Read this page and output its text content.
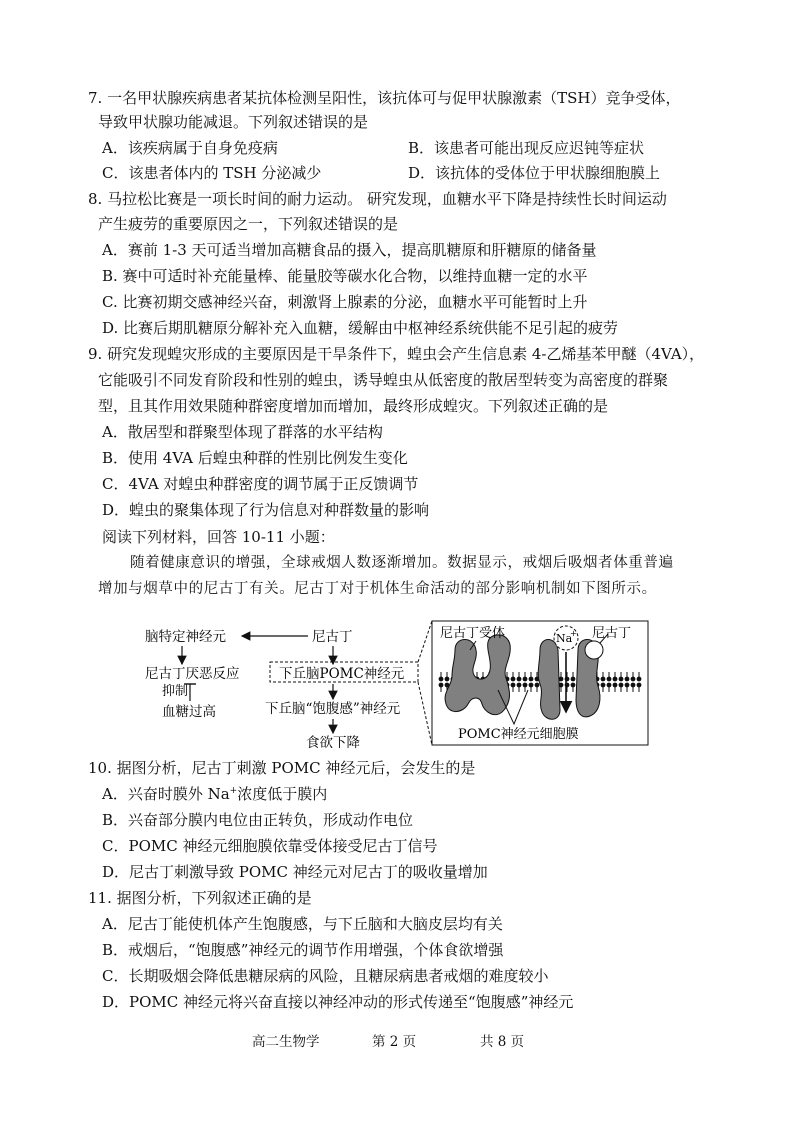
7. 一名甲状腺疾病患者某抗体检测呈阳性，该抗体可与促甲状腺激素（TSH）竞争受体，
导致甲状腺功能减退。下列叙述错误的是
A．该疾病属于自身免疫病	B．该患者可能出现反应迟钝等症状
C．该患者体内的 TSH 分泌减少	D．该抗体的受体位于甲状腺细胞膜上
8. 马拉松比赛是一项长时间的耐力运动。 研究发现，血糖水平下降是持续性长时间运动
产生疲劳的重要原因之一，下列叙述错误的是
A．赛前 1-3 天可适当增加高糖食品的摄入，提高肌糖原和肝糖原的储备量
B. 赛中可适时补充能量棒、能量胶等碳水化合物，以维持血糖一定的水平
C. 比赛初期交感神经兴奋，刺激肾上腺素的分泌，血糖水平可能暂时上升
D. 比赛后期肌糖原分解补充入血糖，缓解由中枢神经系统供能不足引起的疲劳
9. 研究发现蝗灾形成的主要原因是干旱条件下，蝗虫会产生信息素 4-乙烯基苯甲醚（4VA），
它能吸引不同发育阶段和性别的蝗虫，诱导蝗虫从低密度的散居型转变为高密度的群聚
型，且其作用效果随种群密度增加而增加，最终形成蝗灾。下列叙述正确的是
A．散居型和群聚型体现了群落的水平结构
B．使用 4VA 后蝗虫种群的性别比例发生变化
C．4VA 对蝗虫种群密度的调节属于正反馈调节
D．蝗虫的聚集体现了行为信息对种群数量的影响
阅读下列材料，回答 10-11 小题：
随着健康意识的增强，全球戒烟人数逐渐增加。数据显示，戒烟后吸烟者体重普遍
增加与烟草中的尼古丁有关。尼古丁对于机体生命活动的部分影响机制如下图所示。
脑特定神经元	尼古丁
尼古丁厌恶反应
抑制
血糖过高
下丘脑POMC神经元
下丘脑“饱腹感”神经元
食欲下降
Na
+
尼古丁受体	尼古丁
POMC神经元细胞膜
10. 据图分析，尼古丁刺激 POMC 神经元后，会发生的是
A．兴奋时膜外 Na+浓度低于膜内
B．兴奋部分膜内电位由正转负，形成动作电位
C．POMC 神经元细胞膜依靠受体接受尼古丁信号
D．尼古丁刺激导致 POMC 神经元对尼古丁的吸收量增加
11. 据图分析，下列叙述正确的是
A．尼古丁能使机体产生饱腹感，与下丘脑和大脑皮层均有关
B．戒烟后，“饱腹感”神经元的调节作用增强，个体食欲增强
C．长期吸烟会降低患糖尿病的风险，且糖尿病患者戒烟的难度较小
D．POMC 神经元将兴奋直接以神经冲动的形式传递至“饱腹感”神经元
高二生物学	第 2 页	共 8 页
